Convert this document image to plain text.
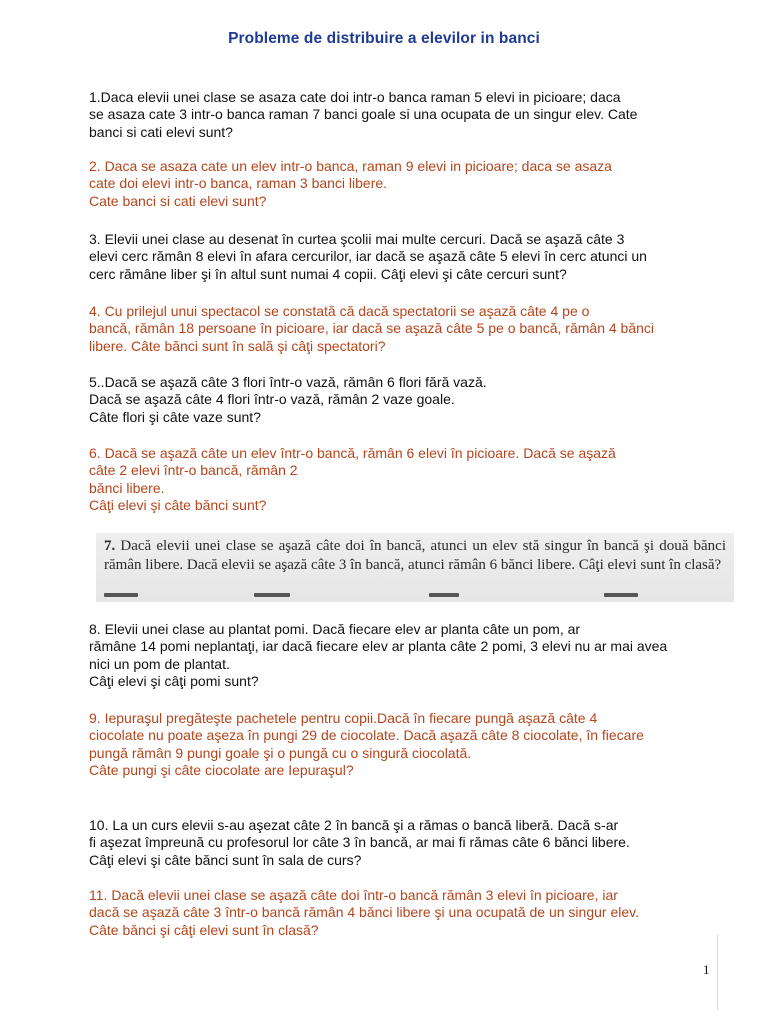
Probleme de distribuire a elevilor in banci

1.Daca elevii unei clase se asaza cate doi intr-o banca raman 5 elevi in picioare; daca
se asaza cate 3 intr-o banca raman 7 banci goale si una ocupata de un singur elev. Cate
banci si cati elevi sunt?

2. Daca se asaza cate un elev intr-o banca, raman 9 elevi in picioare; daca se asaza
cate doi elevi intr-o banca, raman 3 banci libere.
Cate banci si cati elevi sunt?

3. Elevii unei clase au desenat în curtea şcolii mai multe cercuri. Dacă se aşază câte 3
elevi cerc rămân 8 elevi în afara cercurilor, iar dacă se aşază câte 5 elevi în cerc atunci un
cerc rămâne liber şi în altul sunt numai 4 copii. Câţi elevi şi câte cercuri sunt?

4. Cu prilejul unui spectacol se constată că dacă spectatorii se aşază câte 4 pe o
bancă, rămân 18 persoane în picioare, iar dacă se aşază câte 5 pe o bancă, rămân 4 bănci
libere. Câte bănci sunt în sală şi câţi spectatori?

5..Dacă se aşază câte 3 flori într-o vază, rămân 6 flori fără vază.
Dacă se aşază câte 4 flori într-o vază, rămân 2 vaze goale.
Câte flori şi câte vaze sunt?

6. Dacă se aşază câte un elev într-o bancă, rămân 6 elevi în picioare. Dacă se aşază
câte 2 elevi într-o bancă, rămân 2
bănci libere.
Câţi elevi şi câte bănci sunt?

7. Dacă elevii unei clase se aşază câte doi în bancă, atunci un elev stă singur în bancă şi două bănci rămân libere. Dacă elevii se aşază câte 3 în bancă, atunci rămân 6 bănci libere. Câţi elevi sunt în clasă?

8. Elevii unei clase au plantat pomi. Dacă fiecare elev ar planta câte un pom, ar
rămâne 14 pomi neplantaţi, iar dacă fiecare elev ar planta câte 2 pomi, 3 elevi nu ar mai avea
nici un pom de plantat.
Câţi elevi şi câţi pomi sunt?

9. Iepuraşul pregăteşte pachetele pentru copii.Dacă în fiecare pungă aşază câte 4
ciocolate nu poate aşeza în pungi 29 de ciocolate. Dacă aşază câte 8 ciocolate, în fiecare
pungă rămân 9 pungi goale şi o pungă cu o singură ciocolată.
Câte pungi şi câte ciocolate are Iepuraşul?

10. La un curs elevii s-au aşezat câte 2 în bancă şi a rămas o bancă liberă. Dacă s-ar
fi aşezat împreună cu profesorul lor câte 3 în bancă, ar mai fi rămas câte 6 bănci libere.
Câţi elevi şi câte bănci sunt în sala de curs?

11. Dacă elevii unei clase se aşază câte doi într-o bancă rămân 3 elevi în picioare, iar
dacă se aşază câte 3 într-o bancă rămân 4 bănci libere şi una ocupată de un singur elev.
Câte bănci şi câţi elevi sunt în clasă?

1
